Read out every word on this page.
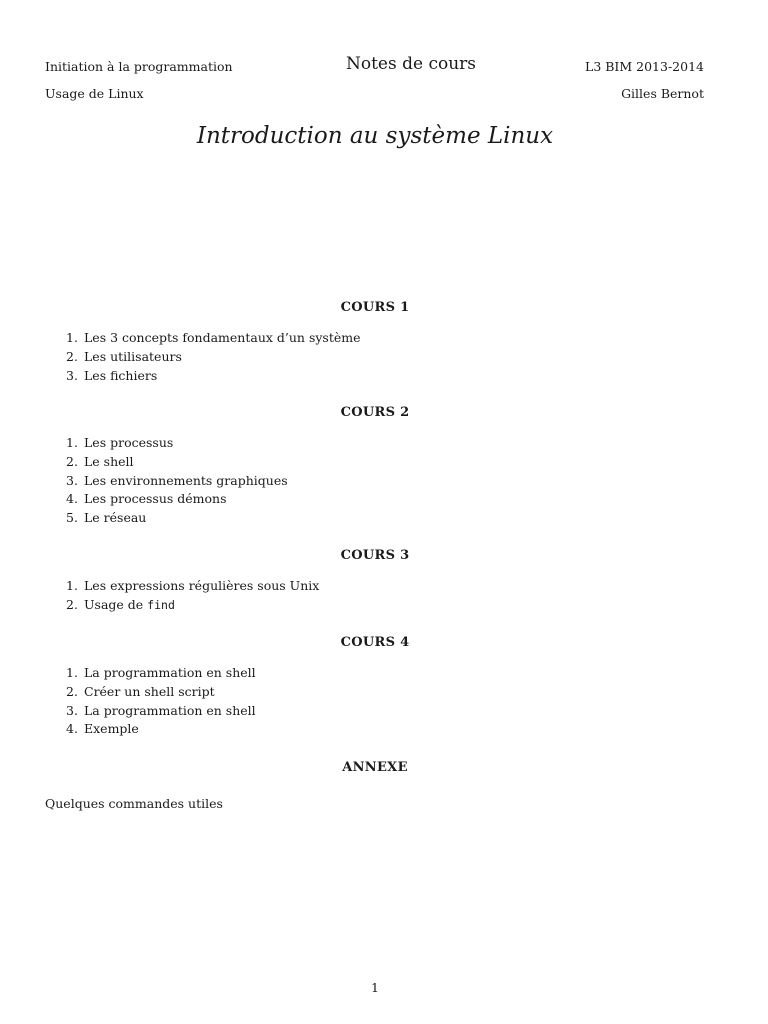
Initiation à la programmation
Usage de Linux
Notes de cours	L3 BIM 2013-2014
Gilles Bernot
Introduction au système Linux
COURS 1
1. Les 3 concepts fondamentaux d’un système
2. Les utilisateurs
3. Les fichiers
COURS 2
1. Les processus
2. Le shell
3. Les environnements graphiques
4. Les processus démons
5. Le réseau
COURS 3
1. Les expressions régulières sous Unix
2. Usage de find
COURS 4
1. La programmation en shell
2. Créer un shell script
3. La programmation en shell
4. Exemple
ANNEXE
Quelques commandes utiles
1
